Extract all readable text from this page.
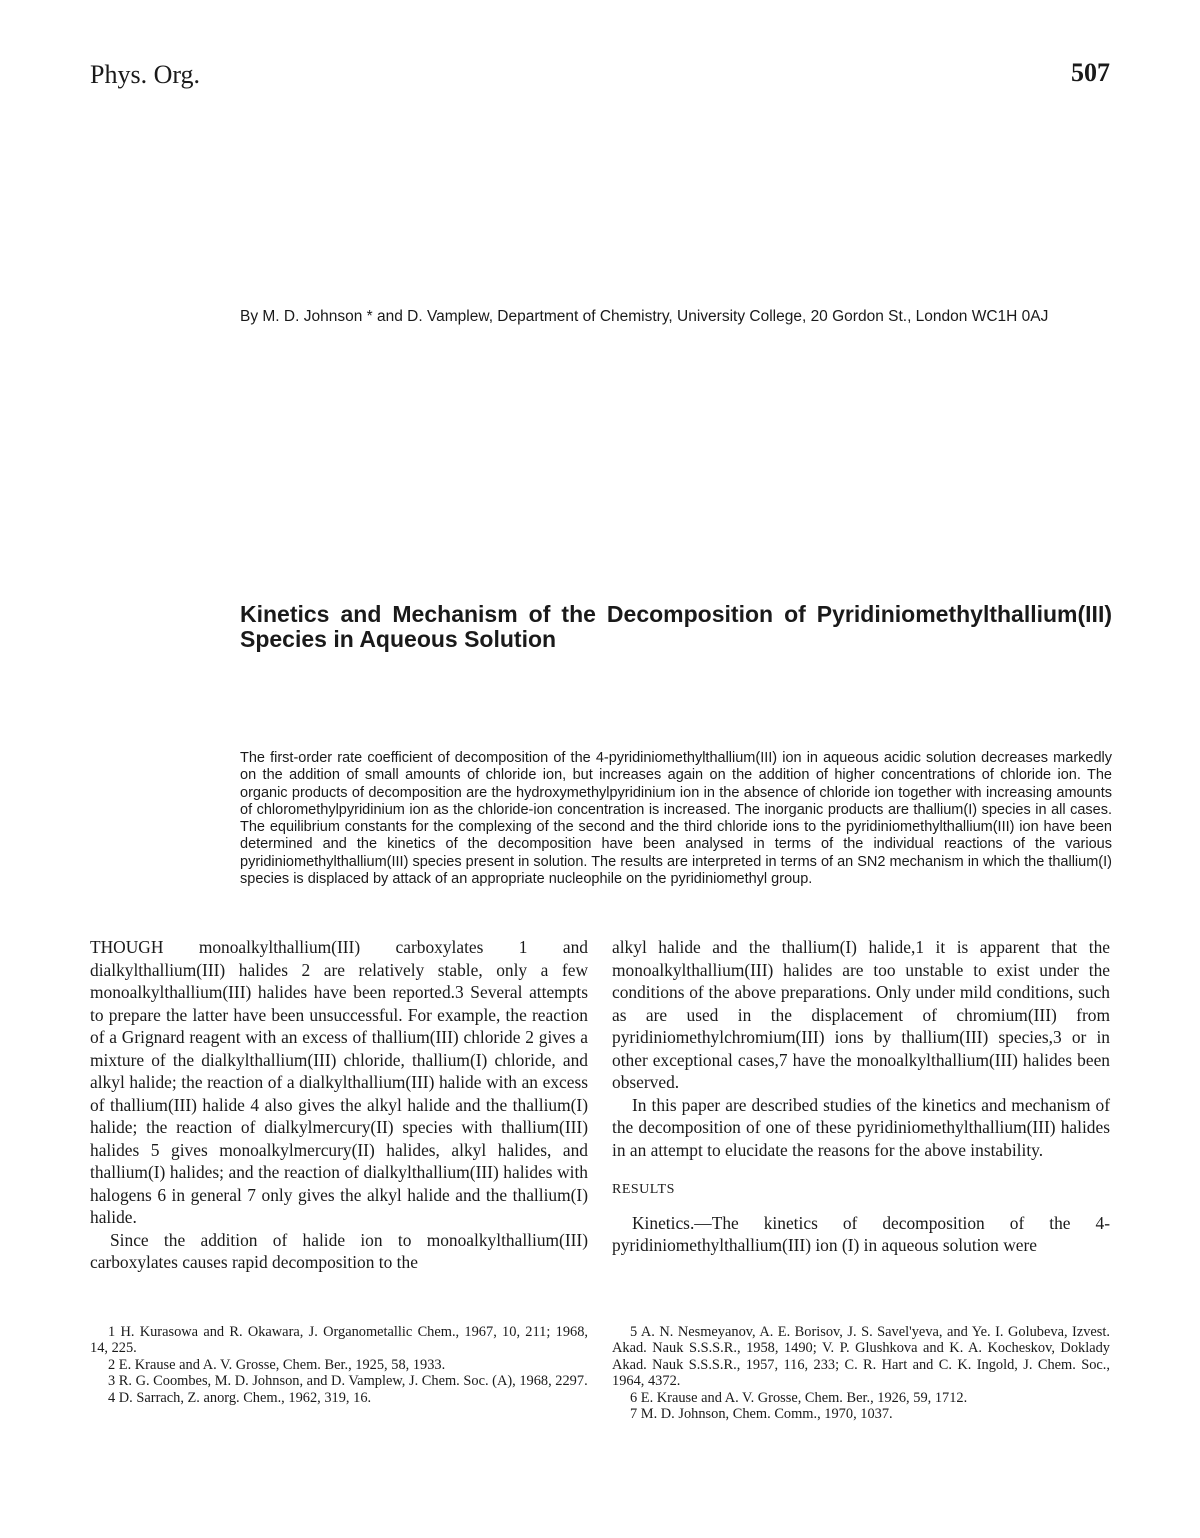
Phys. Org.	507
Kinetics and Mechanism of the Decomposition of Pyridiniomethylthallium(III) Species in Aqueous Solution
By M. D. Johnson * and D. Vamplew, Department of Chemistry, University College, 20 Gordon St., London WC1H 0AJ

The first-order rate coefficient of decomposition of the 4-pyridiniomethylthallium(III) ion in aqueous acidic solution decreases markedly on the addition of small amounts of chloride ion, but increases again on the addition of higher concentrations of chloride ion. The organic products of decomposition are the hydroxymethylpyridinium ion in the absence of chloride ion together with increasing amounts of chloromethylpyridinium ion as the chloride-ion concentration is increased. The inorganic products are thallium(I) species in all cases. The equilibrium constants for the complexing of the second and the third chloride ions to the pyridiniomethylthallium(III) ion have been determined and the kinetics of the decomposition have been analysed in terms of the individual reactions of the various pyridiniomethylthallium(III) species present in solution. The results are interpreted in terms of an SN2 mechanism in which the thallium(I) species is displaced by attack of an appropriate nucleophile on the pyridiniomethyl group.

THOUGH monoalkylthallium(III) carboxylates 1 and dialkylthallium(III) halides 2 are relatively stable, only a few monoalkylthallium(III) halides have been reported.3 Several attempts to prepare the latter have been unsuccessful. For example, the reaction of a Grignard reagent with an excess of thallium(III) chloride 2 gives a mixture of the dialkylthallium(III) chloride, thallium(I) chloride, and alkyl halide; the reaction of a dialkylthallium(III) halide with an excess of thallium(III) halide 4 also gives the alkyl halide and the thallium(I) halide; the reaction of dialkylmercury(II) species with thallium(III) halides 5 gives monoalkylmercury(II) halides, alkyl halides, and thallium(I) halides; and the reaction of dialkylthallium(III) halides with halogens 6 in general 7 only gives the alkyl halide and the thallium(I) halide.

Since the addition of halide ion to monoalkylthallium(III) carboxylates causes rapid decomposition to the

alkyl halide and the thallium(I) halide,1 it is apparent that the monoalkylthallium(III) halides are too unstable to exist under the conditions of the above preparations. Only under mild conditions, such as are used in the displacement of chromium(III) from pyridiniomethylchromium(III) ions by thallium(III) species,3 or in other exceptional cases,7 have the monoalkylthallium(III) halides been observed.

In this paper are described studies of the kinetics and mechanism of the decomposition of one of these pyridiniomethylthallium(III) halides in an attempt to elucidate the reasons for the above instability.

RESULTS

Kinetics.—The kinetics of decomposition of the 4-pyridiniomethylthallium(III) ion (I) in aqueous solution were

1 H. Kurasowa and R. Okawara, J. Organometallic Chem., 1967, 10, 211; 1968, 14, 225.

2 E. Krause and A. V. Grosse, Chem. Ber., 1925, 58, 1933.

3 R. G. Coombes, M. D. Johnson, and D. Vamplew, J. Chem. Soc. (A), 1968, 2297.

4 D. Sarrach, Z. anorg. Chem., 1962, 319, 16.

5 A. N. Nesmeyanov, A. E. Borisov, J. S. Savel'yeva, and Ye. I. Golubeva, Izvest. Akad. Nauk S.S.S.R., 1958, 1490; V. P. Glushkova and K. A. Kocheskov, Doklady Akad. Nauk S.S.S.R., 1957, 116, 233; C. R. Hart and C. K. Ingold, J. Chem. Soc., 1964, 4372.

6 E. Krause and A. V. Grosse, Chem. Ber., 1926, 59, 1712.

7 M. D. Johnson, Chem. Comm., 1970, 1037.
